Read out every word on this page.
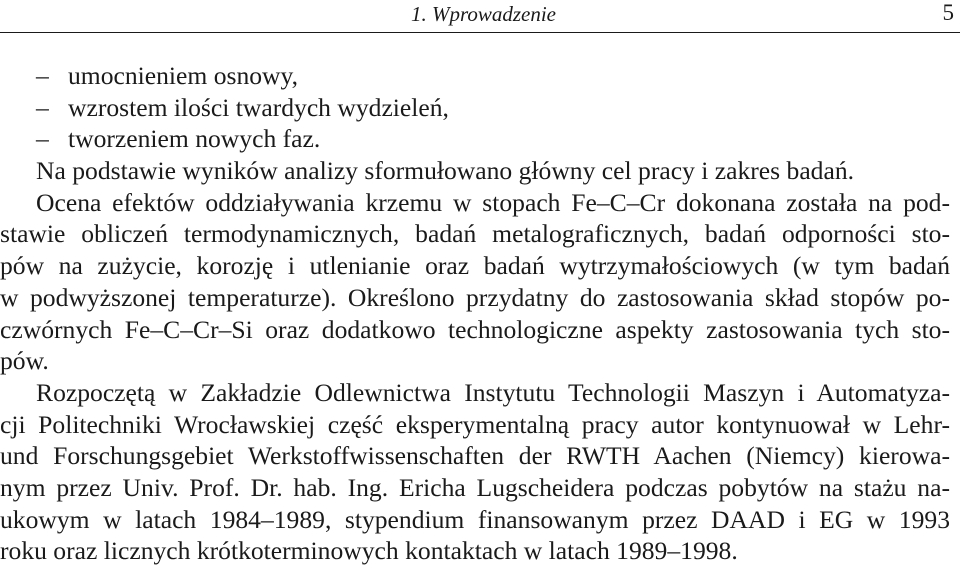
1. Wprowadzenie	5
– umocnieniem osnowy,
– wzrostem ilości twardych wydzieleń,
– tworzeniem nowych faz.
Na podstawie wyników analizy sformułowano główny cel pracy i zakres badań.
Ocena efektów oddziaływania krzemu w stopach Fe–C–Cr dokonana została na pod-
stawie obliczeń termodynamicznych, badań metalograficznych, badań odporności sto-
pów na zużycie, korozję i utlenianie oraz badań wytrzymałościowych (w tym badań
w podwyższonej temperaturze). Określono przydatny do zastosowania skład stopów po-
czwórnych Fe–C–Cr–Si oraz dodatkowo technologiczne aspekty zastosowania tych sto-
pów.
Rozpoczętą w Zakładzie Odlewnictwa Instytutu Technologii Maszyn i Automatyza-
cji Politechniki Wrocławskiej część eksperymentalną pracy autor kontynuował w Lehr-
und Forschungsgebiet Werkstoffwissenschaften der RWTH Aachen (Niemcy) kierowa-
nym przez Univ. Prof. Dr. hab. Ing. Ericha Lugscheidera podczas pobytów na stażu na-
ukowym w latach 1984–1989, stypendium finansowanym przez DAAD i EG w 1993
roku oraz licznych krótkoterminowych kontaktach w latach 1989–1998.
